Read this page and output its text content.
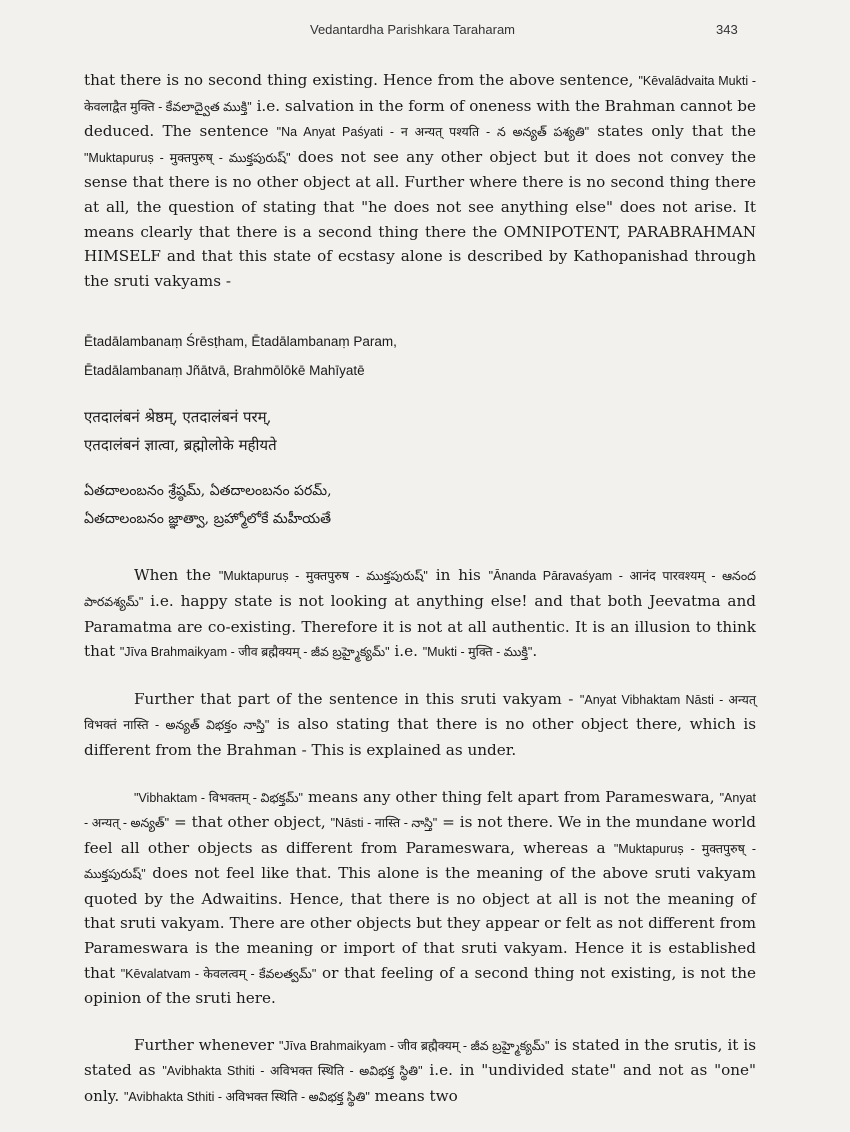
Vedantardha Parishkara Taraharam	343

that there is no second thing existing. Hence from the above sentence, "Kēvalādvaita Mukti - केवलाद्वैत मुक्ति - కేవలాద్వైత ముక్తి" i.e. salvation in the form of oneness with the Brahman cannot be deduced. The sentence "Na Anyat Paśyati - न अन्यत् पश्यति - న అన్యత్ పశ్యతి" states only that the "Muktapuruṣ - मुक्तपुरुष् - ముక్తపురుష్" does not see any other object but it does not convey the sense that there is no other object at all. Further where there is no second thing there at all, the question of stating that "he does not see anything else" does not arise. It means clearly that there is a second thing there the OMNIPOTENT, PARABRAHMAN HIMSELF and that this state of ecstasy alone is described by Kathopanishad through the sruti vakyams -

Ētadālambanaṃ Śrēsṭham, Ētadālambanaṃ Param,
Ētadālambanaṃ Jñātvā, Brahmōlōkē Mahīyatē
एतदालंबनं श्रेष्ठम्, एतदालंबनं परम्,
एतदालंबनं ज्ञात्वा, ब्रह्मोलोके महीयते
ఏతదాలంబనం శ్రేష్ఠమ్, ఏతదాలంబనం పరమ్,
ఏతదాలంబనం జ్ఞాత్వా, బ్రహ్మోలోకే మహీయతే

When the "Muktapuruṣ - मुक्तपुरुष - ముక్తపురుష్" in his "Ānanda Pāravaśyam - आनंद पारवश्यम् - ఆనంద పారవశ్యమ్" i.e. happy state is not looking at anything else! and that both Jeevatma and Paramatma are co-existing. Therefore it is not at all authentic. It is an illusion to think that "Jīva Brahmaikyam - जीव ब्रह्मैक्यम् - జీవ బ్రహ్మైక్యమ్" i.e. "Mukti - मुक्ति - ముక్తి".

Further that part of the sentence in this sruti vakyam - "Anyat Vibhaktam Nāsti - अन्यत् विभक्तं नास्ति - అన్యత్ విభక్తం నాస్తి" is also stating that there is no other object there, which is different from the Brahman - This is explained as under.

"Vibhaktam - विभक्तम् - విభక్తమ్" means any other thing felt apart from Parameswara, "Anyat - अन्यत् - అన్యత్" = that other object, "Nāsti - नास्ति - నాస్తి" = is not there. We in the mundane world feel all other objects as different from Parameswara, whereas a "Muktapuruṣ - मुक्तपुरुष् - ముక్తపురుష్" does not feel like that. This alone is the meaning of the above sruti vakyam quoted by the Adwaitins. Hence, that there is no object at all is not the meaning of that sruti vakyam. There are other objects but they appear or felt as not different from Parameswara is the meaning or import of that sruti vakyam. Hence it is established that "Kēvalatvam - केवलत्वम् - కేవలత్వమ్" or that feeling of a second thing not existing, is not the opinion of the sruti here.

Further whenever "Jīva Brahmaikyam - जीव ब्रह्मैक्यम् - జీవ బ్రహ్మైక్యమ్" is stated in the srutis, it is stated as "Avibhakta Sthiti - अविभक्त स्थिति - అవిభక్త స్థితి" i.e. in "undivided state" and not as "one" only. "Avibhakta Sthiti - अविभक्त स्थिति - అవిభక్త స్థితి" means two
